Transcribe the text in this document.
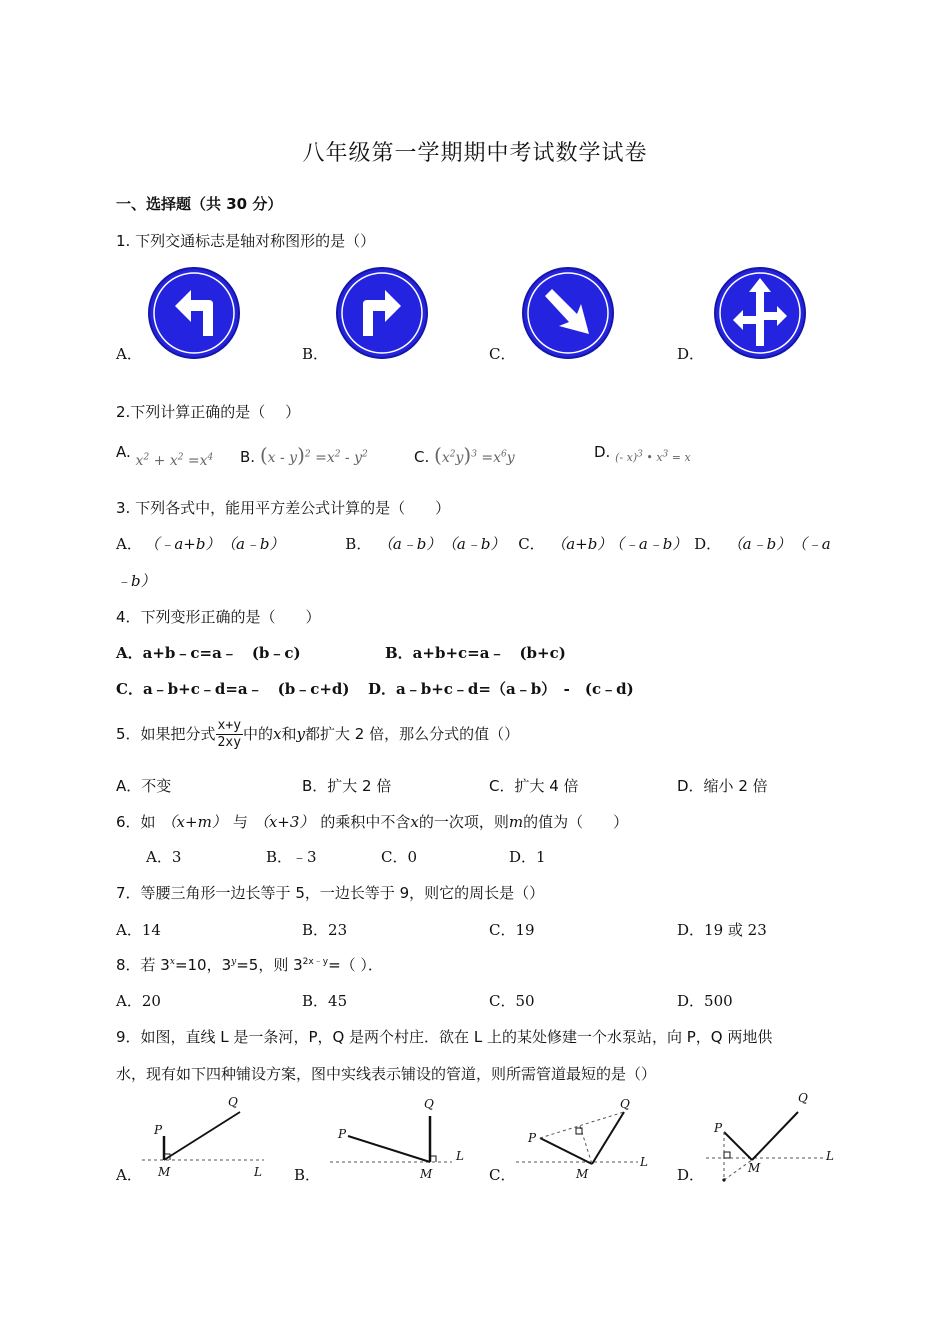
八年级第一学期期中考试数学试卷
一、选择题（共 30 分）
1. 下列交通标志是轴对称图形的是（）
A．	B．	C．	D．
2.下列计算正确的是（　 ）
A. $x^2 + x^2 =x^4$ B. $(x - y)^2 =x^2 - y^2$	C. $(x^2y)^3 =x^6y$	D. $_{(- x)^3 • x^3 = x}$
3. 下列各式中，能用平方差公式计算的是（　　）
A． （﹣a+b） （a﹣b）	B． （a﹣b） （a﹣b） C． （a+b） （﹣a﹣b） D． （a﹣b） （﹣a
﹣b）
4．下列变形正确的是（　　）
A．a+b﹣c=a﹣　(b﹣c)	B．a+b+c=a﹣　(b+c)
C．a﹣b+c﹣d=a﹣　(b﹣c+d) D．a﹣b+c﹣d=（a﹣b）　-　(c﹣d)
5．如果把分式 $\frac{x+y}{2xy}$ 中的x和y都扩大 2 倍，那么分式的值（）
A．不变	B．扩大 2 倍	C．扩大 4 倍	D．缩小 2 倍
6．如 （x+m） 与 （x+3） 的乘积中不含x的一次项，则m的值为（　　）
A．3	B．﹣3	C．0	D．1
7．等腰三角形一边长等于 5，一边长等于 9，则它的周长是（）
A．14	B．23	C．19	D．19 或 23
8．若 $3^x=10$，$3^y=5$，则 $3^{2x﹣y}=$（ ）．
A．20	B．45	C．50	D．500
9．如图，直线 L 是一条河，P，Q 是两个村庄．欲在 L 上的某处修建一个水泵站，向 P，Q 两地供
水，现有如下四种铺设方案，图中实线表示铺设的管道，则所需管道最短的是（）
A．	B．	C．	D．
P
Q
M	L
P
Q
M
L
P
Q
M
L
P
Q
M
L
